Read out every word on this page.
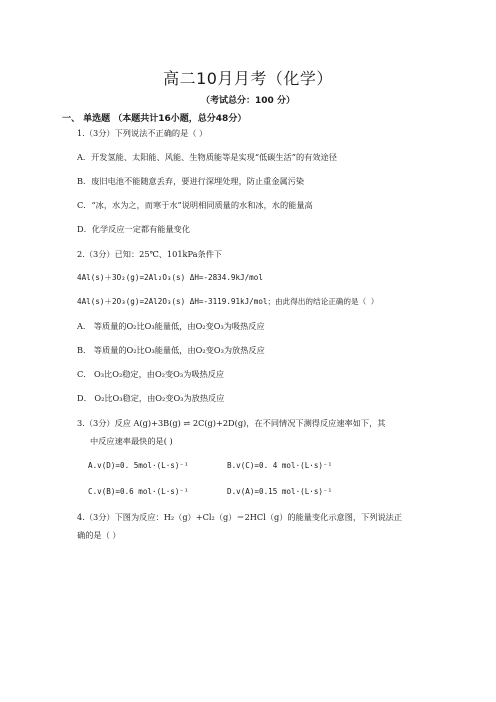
高二10月月考（化学）
（考试总分：100 分）
一、 单选题 （本题共计16小题，总分48分）
1.（3分）下列说法不正确的是（ ）
A．开发氢能、太阳能、风能、生物质能等是实现“低碳生活”的有效途径
B．废旧电池不能随意丢弃，要进行深埋处理，防止重金属污染
C．“冰，水为之，而寒于水”说明相同质量的水和冰，水的能量高
D．化学反应一定都有能量变化
2.（3分）已知：25℃、101kPa条件下
4Al(s)＋3O₂(g)=2Al₂O₃(s) ΔH=-2834.9kJ/mol
4Al(s)＋2O₃(g)=2Al2O₃(s) ΔH=-3119.91kJ/mol；由此得出的结论正确的是（ ）
A． 等质量的O₂比O₃能量低，由O₂变O₃为吸热反应
B． 等质量的O₂比O₃能量低，由O₂变O₃为放热反应
C． O₃比O₂稳定，由O₂变O₃为吸热反应
D． O₂比O₃稳定，由O₂变O₃为放热反应
3.（3分）反应 A(g)+3B(g) ⇌ 2C(g)+2D(g)，在不同情况下测得反应速率如下，其
中反应速率最快的是( )
A.v(D)=0. 5mol·(L·s)⁻¹	B.v(C)=0. 4 mol·(L·s)⁻¹
C.v(B)=0.6 mol·(L·s)⁻¹	D.v(A)=0.15 mol·(L·s)⁻¹
4.（3分）下图为反应：H₂（g）+Cl₂（g）＝2HCl（g）的能量变化示意图，下列说法正
确的是（ ）
